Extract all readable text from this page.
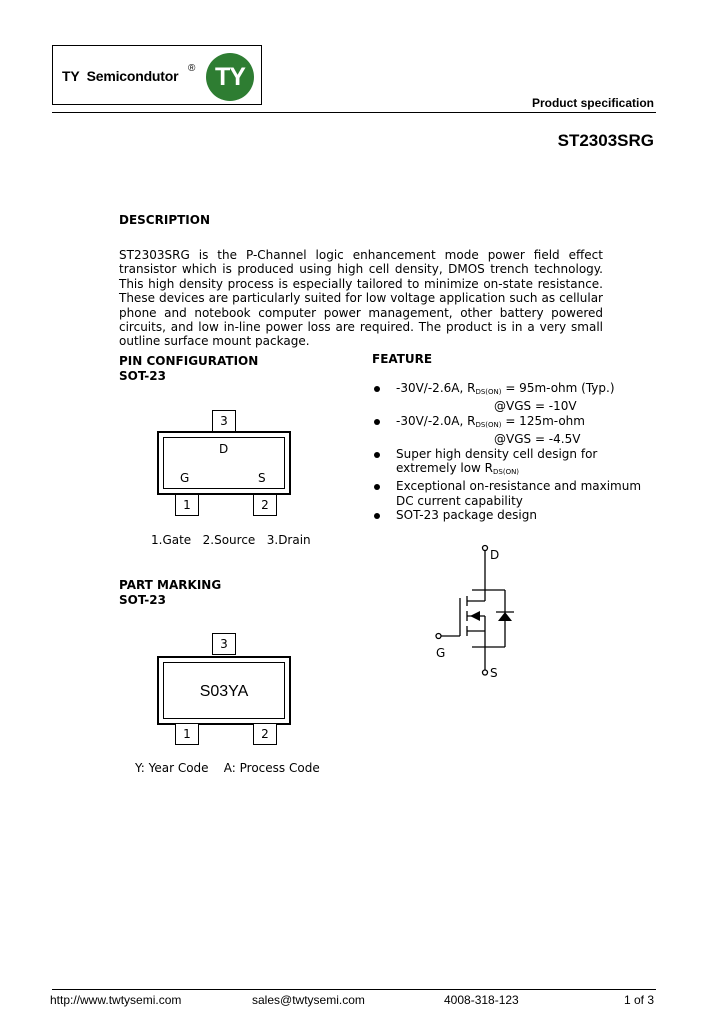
TY  Semicondutor ® TY
Product specification
ST2303SRG
DESCRIPTION
ST2303SRG is the P-Channel logic enhancement mode power field effect transistor which is produced using high cell density, DMOS trench technology. This high density process is especially tailored to minimize on-state resistance. These devices are particularly suited for low voltage application such as cellular phone and notebook computer power management, other battery powered circuits, and low in-line power loss are required. The product is in a very small outline surface mount package.
PIN CONFIGURATION
SOT-23
3
D
G	S
1	2
1.Gate   2.Source   3.Drain
FEATURE
-30V/-2.6A, $R_{DS(ON)} = 95m-ohm$ (Typ.)
@VGS = -10V
-30V/-2.0A, $R_{DS(ON)} = 125m-ohm$
@VGS = -4.5V
Super high density cell design for
extremely low $R_{DS(ON)}$
Exceptional on-resistance and maximum
DC current capability
SOT-23 package design
D
G
S
PART MARKING
SOT-23
3
S03YA
1	2
Y: Year Code    A: Process Code
http://www.twtysemi.com	sales@twtysemi.com	4008-318-123	1 of 3
